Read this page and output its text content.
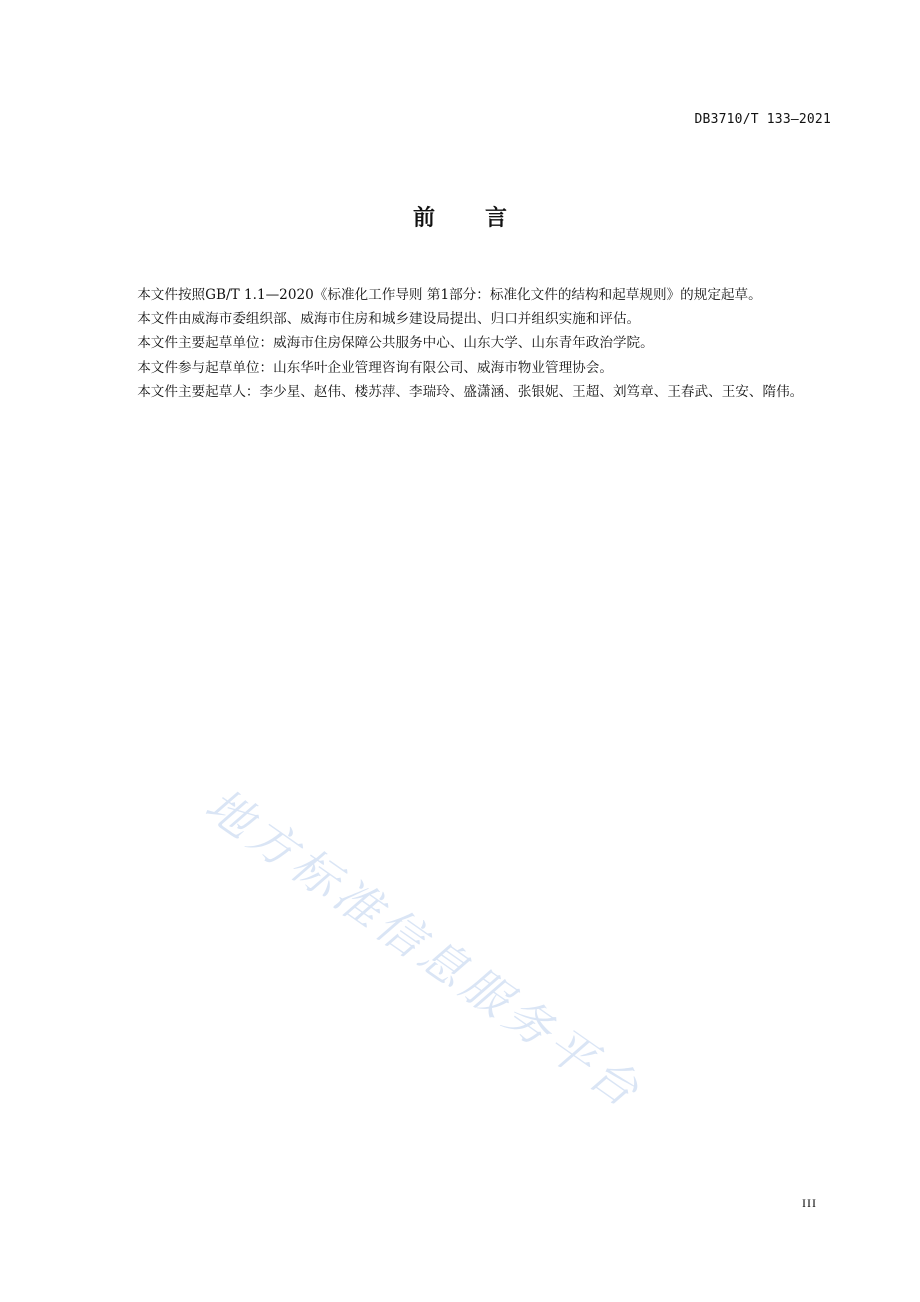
DB3710/T 133—2021
前 言

本文件按照GB/T 1.1—2020《标准化工作导则 第1部分：标准化文件的结构和起草规则》的规定起草。

本文件由威海市委组织部、威海市住房和城乡建设局提出、归口并组织实施和评估。

本文件主要起草单位：威海市住房保障公共服务中心、山东大学、山东青年政治学院。

本文件参与起草单位：山东华叶企业管理咨询有限公司、威海市物业管理协会。

本文件主要起草人：李少星、赵伟、楼苏萍、李瑞玲、盛潇涵、张银妮、王超、刘笃章、王春武、王安、隋伟。

地方标准信息服务平台
III
